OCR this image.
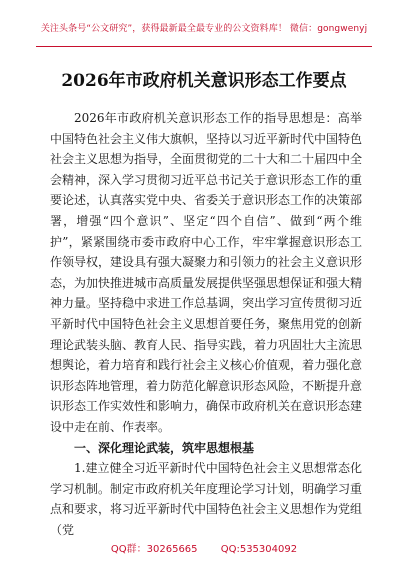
关注头条号“公文研究”，获得最新最全最专业的公文资料库！ 微信：gongwenyj
2026年市政府机关意识形态工作要点

2026年市政府机关意识形态工作的指导思想是：高举中国特色社会主义伟大旗帜，坚持以习近平新时代中国特色社会主义思想为指导，全面贯彻党的二十大和二十届四中全会精神，深入学习贯彻习近平总书记关于意识形态工作的重要论述，认真落实党中央、省委关于意识形态工作的决策部署，增强“四个意识”、坚定“四个自信”、做到“两个维护”，紧紧围绕市委市政府中心工作，牢牢掌握意识形态工作领导权，建设具有强大凝聚力和引领力的社会主义意识形态，为加快推进城市高质量发展提供坚强思想保证和强大精神力量。坚持稳中求进工作总基调，突出学习宣传贯彻习近平新时代中国特色社会主义思想首要任务，聚焦用党的创新理论武装头脑、教育人民、指导实践，着力巩固壮大主流思想舆论，着力培育和践行社会主义核心价值观，着力强化意识形态阵地管理，着力防范化解意识形态风险，不断提升意识形态工作实效性和影响力，确保市政府机关在意识形态建设中走在前、作表率。

一、深化理论武装，筑牢思想根基

1.建立健全习近平新时代中国特色社会主义思想常态化学习机制。制定市政府机关年度理论学习计划，明确学习重点和要求，将习近平新时代中国特色社会主义思想作为党组（党

QQ群：30265665 QQ:535304092
